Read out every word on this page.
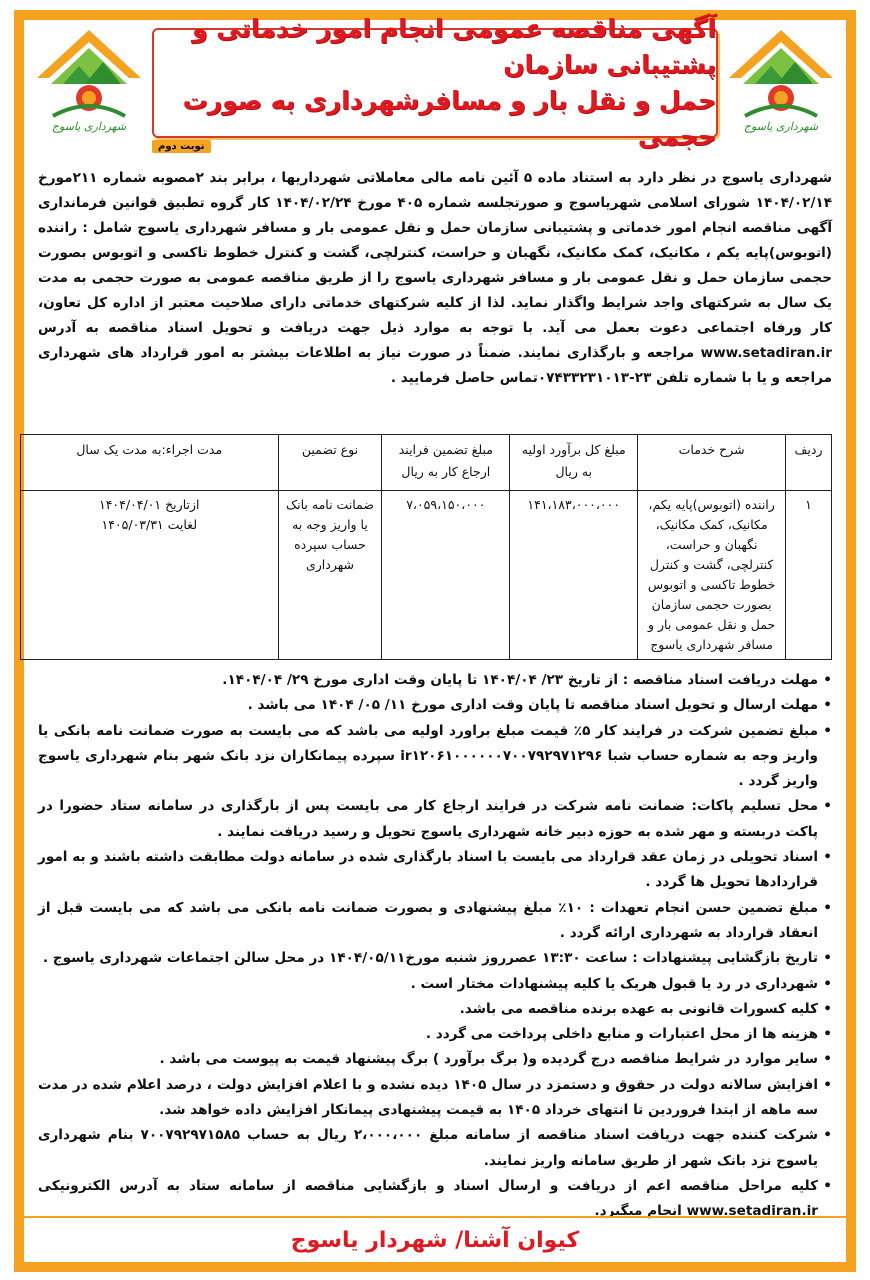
شهرداری یاسوج
آگهی مناقصه عمومی انجام امور خدماتی و پشتیبانی سازمان
حمل و نقل بار و مسافرشهرداری به صورت حجمی
نوبت دوم
شهرداری یاسوج

شهرداری یاسوج در نظر دارد به استناد ماده ۵ آئین نامه مالی معاملاتی شهرداریها ، برابر بند ۲مصوبه شماره ۲۱۱مورخ ۱۴۰۴/۰۲/۱۴ شورای اسلامی شهریاسوج و صورتجلسه شماره ۴۰۵ مورخ ۱۴۰۴/۰۲/۲۴ کار گروه تطبیق قوانین فرمانداری آگهی مناقصه انجام امور خدماتی و پشتیبانی سازمان حمل و نقل عمومی بار و مسافر شهرداری یاسوج شامل : راننده (اتوبوس)پایه یکم ، مکانیک، کمک مکانیک، نگهبان و حراست، کنترلچی، گشت و کنترل خطوط تاکسی و اتوبوس بصورت حجمی سازمان حمل و نقل عمومی بار و مسافر شهرداری یاسوج را از طریق مناقصه عمومی به صورت حجمی به مدت یک سال به شرکتهای واجد شرایط واگذار نماید. لذا از کلیه شرکتهای خدماتی دارای صلاحیت معتبر از اداره کل تعاون، کار ورفاه اجتماعی دعوت بعمل می آید. با توجه به موارد ذیل جهت دریافت و تحویل اسناد مناقصه به آدرس www.setadiran.ir مراجعه و بارگذاری نمایند. ضمناً در صورت نیاز به اطلاعات بیشتر به امور قرارداد های شهرداری مراجعه و یا با شماره تلفن ۲۳-۰۷۴۳۳۲۳۱۰۱۳تماس حاصل فرمایید .

ردیف	شرح خدمات	مبلغ کل برآورد اولیه به ریال	مبلغ تضمین فرایند ارجاع کار به ریال	نوع تضمین	مدت اجراء:به مدت یک سال
۱	راننده (اتوبوس)پایه یکم، مکانیک، کمک مکانیک، نگهبان و حراست، کنترلچی، گشت و کنترل خطوط تاکسی و اتوبوس بصورت حجمی سازمان حمل و نقل عمومی بار و مسافر شهرداری یاسوج	۱۴۱،۱۸۳،۰۰۰،۰۰۰	۷،۰۵۹،۱۵۰،۰۰۰	ضمانت نامه بانک یا واریز وجه به حساب سپرده شهرداری	ازتاریخ ۱۴۰۴/۰۴/۰۱
لغایت ۱۴۰۵/۰۳/۳۱
• مهلت دریافت اسناد مناقصه : از تاریخ ۲۳/ ۱۴۰۴/۰۴ تا پایان وقت اداری مورخ ۲۹/ ۱۴۰۴/۰۴.
• مهلت ارسال و تحویل اسناد مناقصه تا پایان وقت اداری مورخ ۱۱/ ۰۵/ ۱۴۰۴ می باشد .
• مبلغ تضمین شرکت در فرایند کار ۵٪ قیمت مبلغ براورد اولیه می باشد که می بایست به صورت ضمانت نامه بانکی یا واریز وجه به شماره حساب شبا ir۱۲۰۶۱۰۰۰۰۰۰۷۰۰۷۹۲۹۷۱۲۹۶ سپرده پیمانکاران نزد بانک شهر بنام شهرداری یاسوج واریز گردد .
• محل تسلیم پاکات: ضمانت نامه شرکت در فرایند ارجاع کار می بایست پس از بارگذاری در سامانه ستاد حضورا در پاکت دربسته و مهر شده به حوزه دبیر خانه شهرداری یاسوج تحویل و رسید دریافت نمایند .
• اسناد تحویلی در زمان عقد قرارداد می بایست با اسناد بارگذاری شده در سامانه دولت مطابقت داشته باشند و به امور قراردادها تحویل ها گردد .
• مبلغ تضمین حسن انجام تعهدات : ۱۰٪ مبلغ پیشنهادی و بصورت ضمانت نامه بانکی می باشد که می بایست قبل از انعقاد قرارداد به شهرداری ارائه گردد .
• تاریخ بازگشایی پیشنهادات : ساعت ۱۳:۳۰ عصرروز شنبه مورخ۱۴۰۴/۰۵/۱۱ در محل سالن اجتماعات شهرداری یاسوج .
• شهرداری در رد یا قبول هریک یا کلیه پیشنهادات مختار است .
• کلیه کسورات قانونی به عهده برنده مناقصه می باشد.
• هزینه ها از محل اعتبارات و منابع داخلی پرداخت می گردد .
• سایر موارد در شرایط مناقصه درج گردیده و( برگ برآورد ) برگ پیشنهاد قیمت به پیوست می باشد .
• افزایش سالانه دولت در حقوق و دستمزد در سال ۱۴۰۵ دیده نشده و با اعلام افزایش دولت ، درصد اعلام شده در مدت سه ماهه از ابتدا فروردین تا انتهای خرداد ۱۴۰۵ به قیمت پیشنهادی پیمانکار افزایش داده خواهد شد.
• شرکت کننده جهت دریافت اسناد مناقصه از سامانه مبلغ ۲،۰۰۰،۰۰۰ ریال به حساب ۷۰۰۷۹۲۹۷۱۵۸۵ بنام شهرداری یاسوج نزد بانک شهر از طریق سامانه واریز نمایند.
• کلیه مراحل مناقصه اعم از دریافت و ارسال اسناد و بازگشایی مناقصه از سامانه ستاد به آدرس الکترونیکی www.setadiran.ir انجام میگیرد.
کیوان آشنا/ شهردار یاسوج
